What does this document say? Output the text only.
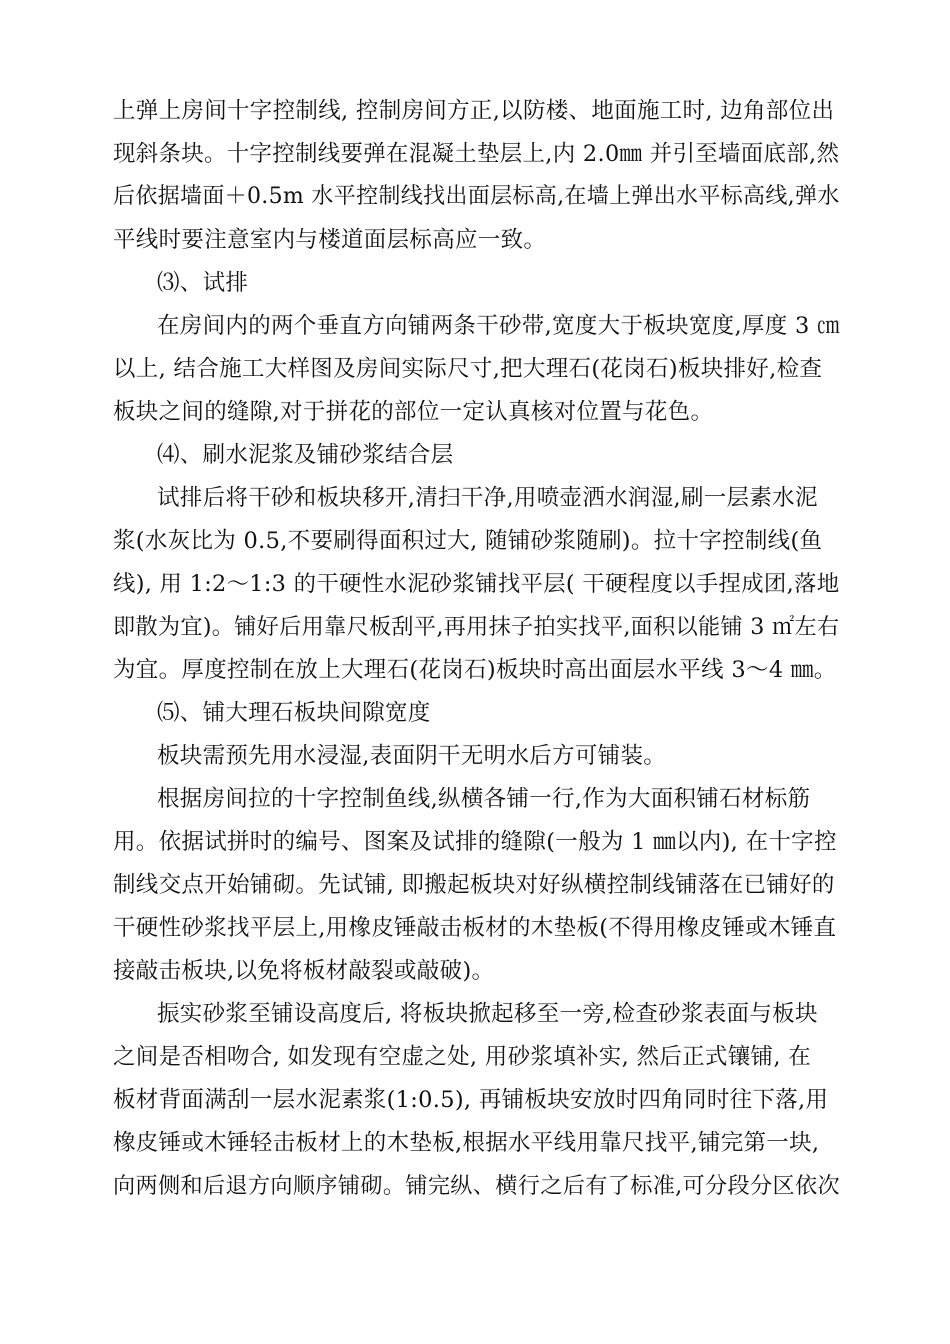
上弹上房间十字控制线, 控制房间方正,以防楼、地面施工时, 边角部位出
现斜条块。十字控制线要弹在混凝土垫层上,内 2.0㎜ 并引至墙面底部,然
后依据墙面＋0.5m 水平控制线找出面层标高,在墙上弹出水平标高线,弹水
平线时要注意室内与楼道面层标高应一致。
⑶、试排
在房间内的两个垂直方向铺两条干砂带,宽度大于板块宽度,厚度 3 ㎝
以上, 结合施工大样图及房间实际尺寸,把大理石(花岗石)板块排好,检查
板块之间的缝隙,对于拼花的部位一定认真核对位置与花色。
⑷、刷水泥浆及铺砂浆结合层
试排后将干砂和板块移开,清扫干净,用喷壶洒水润湿,刷一层素水泥
浆(水灰比为 0.5,不要刷得面积过大, 随铺砂浆随刷)。拉十字控制线(鱼
线), 用 1:2～1:3 的干硬性水泥砂浆铺找平层( 干硬程度以手捏成团,落地
即散为宜)。铺好后用靠尺板刮平,再用抹子拍实找平,面积以能铺 3 ㎡左右
为宜。厚度控制在放上大理石(花岗石)板块时高出面层水平线 3～4 ㎜。
⑸、铺大理石板块间隙宽度
板块需预先用水浸湿,表面阴干无明水后方可铺装。
根据房间拉的十字控制鱼线,纵横各铺一行,作为大面积铺石材标筋
用。依据试拼时的编号、图案及试排的缝隙(一般为 1 ㎜以内), 在十字控
制线交点开始铺砌。先试铺, 即搬起板块对好纵横控制线铺落在已铺好的
干硬性砂浆找平层上,用橡皮锤敲击板材的木垫板(不得用橡皮锤或木锤直
接敲击板块,以免将板材敲裂或敲破)。
振实砂浆至铺设高度后, 将板块掀起移至一旁,检查砂浆表面与板块
之间是否相吻合, 如发现有空虚之处, 用砂浆填补实, 然后正式镶铺, 在
板材背面满刮一层水泥素浆(1:0.5), 再铺板块安放时四角同时往下落,用
橡皮锤或木锤轻击板材上的木垫板,根据水平线用靠尺找平,铺完第一块,
向两侧和后退方向顺序铺砌。铺完纵、横行之后有了标准,可分段分区依次
